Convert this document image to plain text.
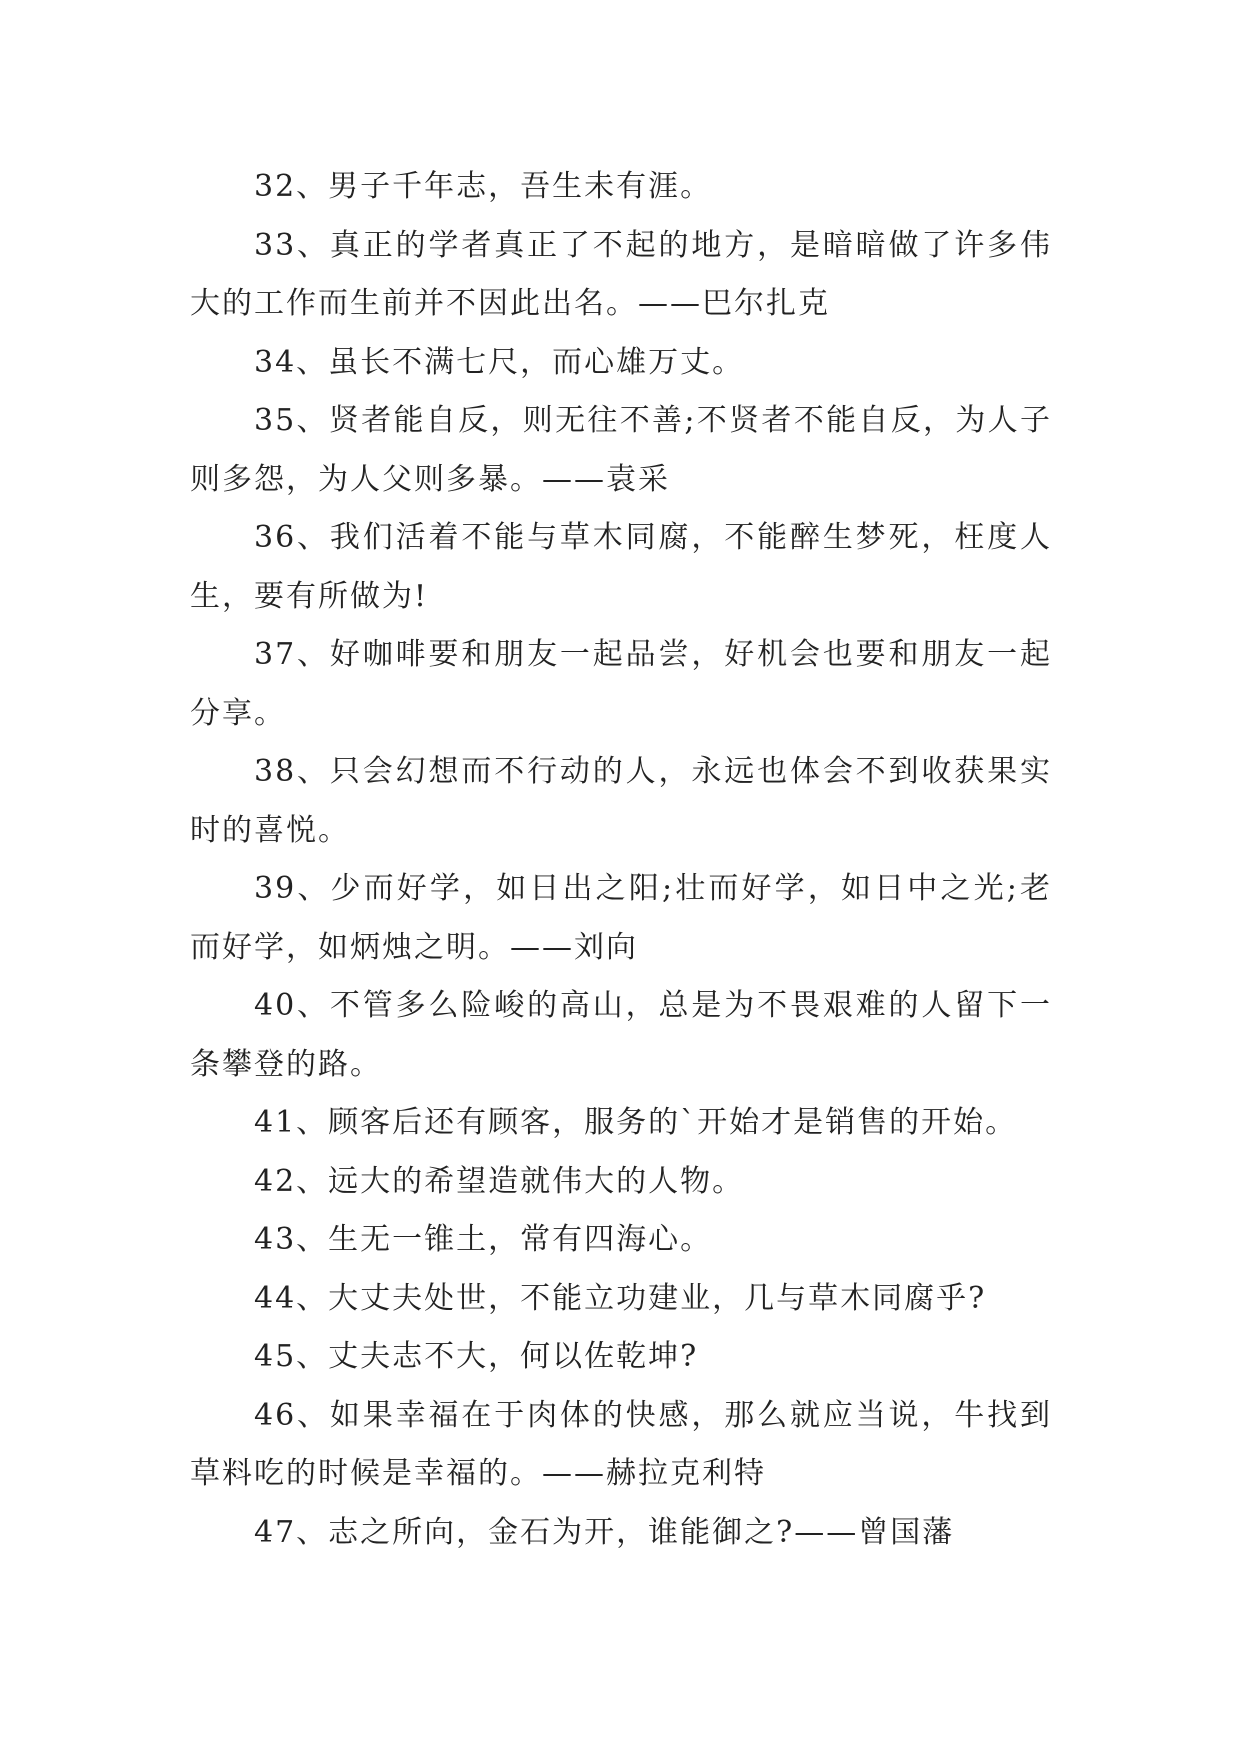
32、男子千年志，吾生未有涯。

33、真正的学者真正了不起的地方，是暗暗做了许多伟大的工作而生前并不因此出名。——巴尔扎克

34、虽长不满七尺，而心雄万丈。

35、贤者能自反，则无往不善;不贤者不能自反，为人子则多怨，为人父则多暴。——袁采

36、我们活着不能与草木同腐，不能醉生梦死，枉度人生，要有所做为!

37、好咖啡要和朋友一起品尝，好机会也要和朋友一起分享。

38、只会幻想而不行动的人，永远也体会不到收获果实时的喜悦。

39、少而好学，如日出之阳;壮而好学，如日中之光;老而好学，如炳烛之明。——刘向

40、不管多么险峻的高山，总是为不畏艰难的人留下一条攀登的路。

41、顾客后还有顾客，服务的`开始才是销售的开始。

42、远大的希望造就伟大的人物。

43、生无一锥土，常有四海心。

44、大丈夫处世，不能立功建业，几与草木同腐乎?

45、丈夫志不大，何以佐乾坤?

46、如果幸福在于肉体的快感，那么就应当说，牛找到草料吃的时候是幸福的。——赫拉克利特

47、志之所向，金石为开，谁能御之?——曾国藩
